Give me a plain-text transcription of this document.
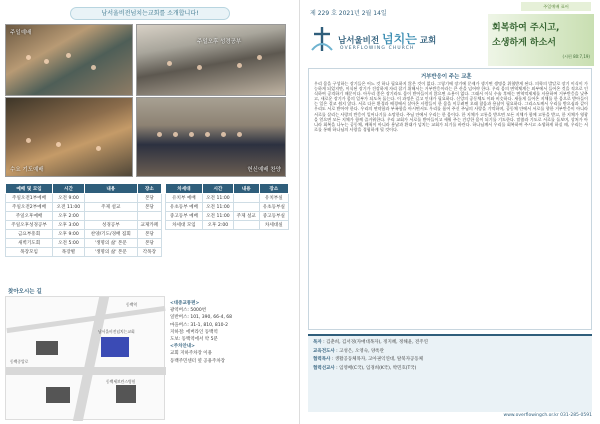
남서울비전넘치는교회를 소개합니다!
주일예배
주일오후 성경공부
수요 기도예배	헌신예배 찬양
예배 및 모임	시간	내용	장소
주일오전1부예배	오전 9:00		본당
주일오전2부예배	오전 11:00	주제 설교	본당
주일오후예배	오후 2:00		
주일오후성경공부	오후 3:00	성경공부	교제카페
금요부흥회	오후 9:00	찬양/기도/경배 집회	본당
새벽기도회	오전 5:00	'생명의 삶' 본문	본당
목장모임	목장별	'생명의 삶' 본문	각목장
차세대	시간	내용	장소
유치부 예배	오전 11:00		유치부실
유초등부 예배	오전 11:00		유초등부실
중고등부 예배	오전 11:00	주제 설교	중고등부실
차세대 모임	오후 2:00		차세대실
찾아오시는 길
남서울비전넘치는교회
동백역
동백세브란스병원
동백중앙로
<대중교통편>
광역버스: 5000번
일반버스: 101, 390, 66-4, 68
마을버스: 31-1, 810, 810-2
지하철: 에버라인 동백역
도보: 동백역에서 약 5분
<주차안내>
교회 지하주차장 이용
동백주민센터 옆 공용주차장
제 229 호 2021년 2월 14일
주일예배 표어
남서울비전 넘치는 교회
OVERFLOWING CHURCH
회복하여 주시고,
소생하게 하소서
(시편 80:7,19)
거부반응이 주는 교훈
우리 몸을 구성하는 장기들은 어느 것 하나 필요하지 않은 것이 없다. 그렇기에 장기에 문제가 생기면 생명을 위협받게 된다. 의학의 발달로 장기 이식이 가능하게 되었지만, 이식된 장기가 건강하게 자리 잡기 위해서는 거부반응이라는 큰 산을 넘어야 한다. 우리 몸의 면역체계는 외부에서 들어온 것을 적으로 인식하여 공격하기 때문이다. 아무리 좋은 장기라도 몸이 받아들이지 않으면 소용이 없다. 그래서 이식 수술 후에는 면역억제제를 사용하여 거부반응을 낮추고, 새로운 장기가 몸의 일부가 되도록 돕는다. 이 과정은 길고 인내가 필요하다. 신앙의 공동체도 이와 비슷하다. 새롭게 들어온 지체를 한 몸으로 받아들이는 일은 결코 쉽지 않다. 서로 다른 환경과 배경에서 살아온 사람들이 한 몸을 이루려면 오래 참음과 용납이 필요하다. 그리스도께서 우리를 받으심과 같이 우리도 서로 받아야 한다. 우리의 연약함과 부족함을 아시면서도 우리를 품어 주신 주님의 사랑을 기억하며, 공동체 안에서 서로를 향한 거부반응이 아니라 서로를 살리는 사랑의 반응이 일어나기를 소망한다. 주님 안에서 우리는 한 몸이다. 한 지체가 고통을 받으면 모든 지체가 함께 고통을 받고, 한 지체가 영광을 얻으면 모든 지체가 함께 즐거워한다. 우리 교회가 서로를 받아들이고 세워 주는 건강한 몸이 되기를 기도한다. 말씀과 기도로 서로를 돌보며, 상처가 아니라 회복을 나누는 공동체, 배척이 아니라 용납과 환대가 넘치는 교회가 되기를 바란다. 하나님께서 우리를 회복하여 주시고 소생하게 하실 때, 우리는 서로를 통해 하나님의 사랑을 경험하게 될 것이다.
목자 : 김춘희, 김서경(자매대목자), 정지혜, 정해윤, 전주연
교육전도사 : 고성은, 오영숙, 양옥란
협력목사 : 생활공동체목자, 고아권익연대, 탈북자공동체
협력선교사 : 임영배(C국), 임경희(K국), 박민호(T국)
www.overflowingch.or.kr 031-285-0591
